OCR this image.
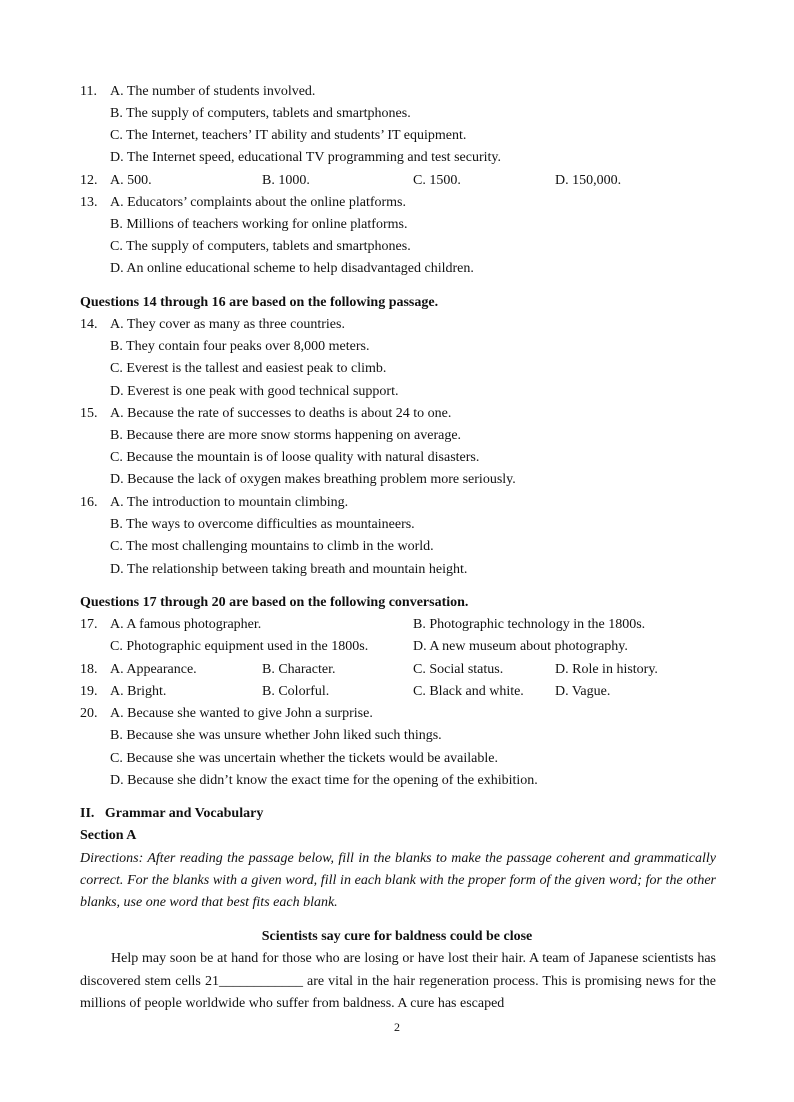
11. A. The number of students involved.
B. The supply of computers, tablets and smartphones.
C. The Internet, teachers’ IT ability and students’ IT equipment.
D. The Internet speed, educational TV programming and test security.
12. A. 500.	B. 1000.	C. 1500.	D. 150,000.
13. A. Educators’ complaints about the online platforms.
B. Millions of teachers working for online platforms.
C. The supply of computers, tablets and smartphones.
D. An online educational scheme to help disadvantaged children.
Questions 14 through 16 are based on the following passage.
14. A. They cover as many as three countries.
B. They contain four peaks over 8,000 meters.
C. Everest is the tallest and easiest peak to climb.
D. Everest is one peak with good technical support.
15. A. Because the rate of successes to deaths is about 24 to one.
B. Because there are more snow storms happening on average.
C. Because the mountain is of loose quality with natural disasters.
D. Because the lack of oxygen makes breathing problem more seriously.
16. A. The introduction to mountain climbing.
B. The ways to overcome difficulties as mountaineers.
C. The most challenging mountains to climb in the world.
D. The relationship between taking breath and mountain height.
Questions 17 through 20 are based on the following conversation.
17. A. A famous photographer.	B. Photographic technology in the 1800s.
C. Photographic equipment used in the 1800s.	D. A new museum about photography.
18. A. Appearance.	B. Character.	C. Social status.	D. Role in history.
19. A. Bright.	B. Colorful.	C. Black and white. D. Vague.
20. A. Because she wanted to give John a surprise.
B. Because she was unsure whether John liked such things.
C. Because she was uncertain whether the tickets would be available.
D. Because she didn’t know the exact time for the opening of the exhibition.
II.   Grammar and Vocabulary
Section A
Directions: After reading the passage below, fill in the blanks to make the passage coherent and grammatically correct. For the blanks with a given word, fill in each blank with the proper form of the given word; for the other blanks, use one word that best fits each blank.
Scientists say cure for baldness could be close
Help may soon be at hand for those who are losing or have lost their hair. A team of Japanese scientists has discovered stem cells 21____________ are vital in the hair regeneration process. This is promising news for the millions of people worldwide who suffer from baldness. A cure has escaped
2
